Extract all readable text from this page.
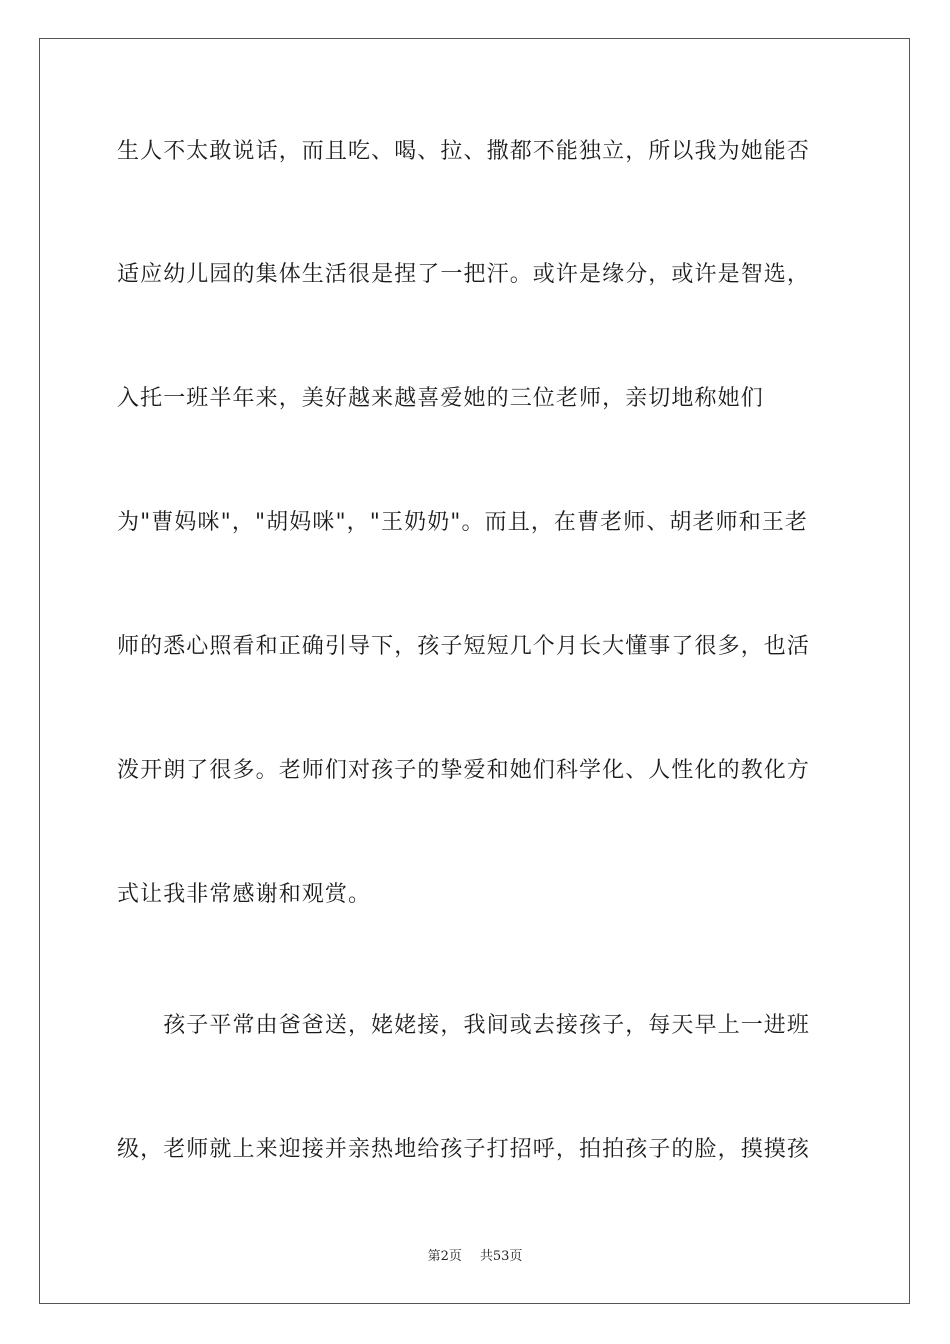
生人不太敢说话，而且吃、喝、拉、撒都不能独立，所以我为她能否
适应幼儿园的集体生活很是捏了一把汗。或许是缘分，或许是智选，
入托一班半年来，美好越来越喜爱她的三位老师，亲切地称她们
为"曹妈咪"，"胡妈咪"，"王奶奶"。而且，在曹老师、胡老师和王老
师的悉心照看和正确引导下，孩子短短几个月长大懂事了很多，也活
泼开朗了很多。老师们对孩子的挚爱和她们科学化、人性化的教化方
式让我非常感谢和观赏。
　　孩子平常由爸爸送，姥姥接，我间或去接孩子，每天早上一进班
级，老师就上来迎接并亲热地给孩子打招呼，拍拍孩子的脸，摸摸孩
第2页 共53页
